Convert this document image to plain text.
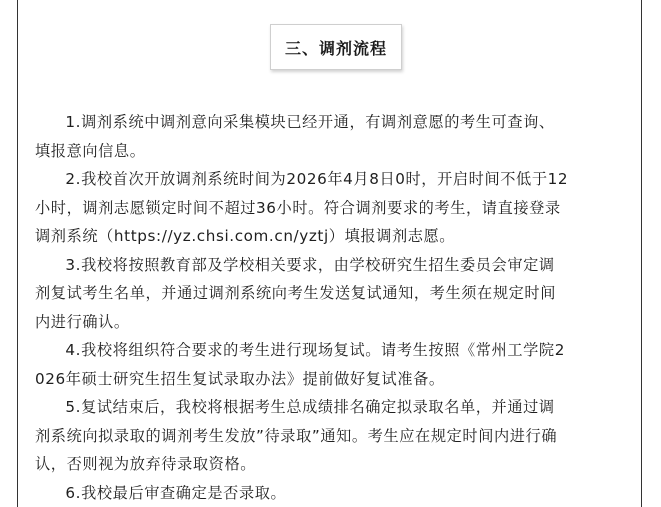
三、调剂流程

1.调剂系统中调剂意向采集模块已经开通，有调剂意愿的考生可查询、
填报意向信息。

2.我校首次开放调剂系统时间为2026年4月8日0时，开启时间不低于12
小时，调剂志愿锁定时间不超过36小时。符合调剂要求的考生，请直接登录
调剂系统（https://yz.chsi.com.cn/yztj）填报调剂志愿。

3.我校将按照教育部及学校相关要求，由学校研究生招生委员会审定调
剂复试考生名单，并通过调剂系统向考生发送复试通知，考生须在规定时间
内进行确认。

4.我校将组织符合要求的考生进行现场复试。请考生按照《常州工学院2
026年硕士研究生招生复试录取办法》提前做好复试准备。

5.复试结束后，我校将根据考生总成绩排名确定拟录取名单，并通过调
剂系统向拟录取的调剂考生发放”待录取”通知。考生应在规定时间内进行确
认，否则视为放弃待录取资格。

6.我校最后审查确定是否录取。
